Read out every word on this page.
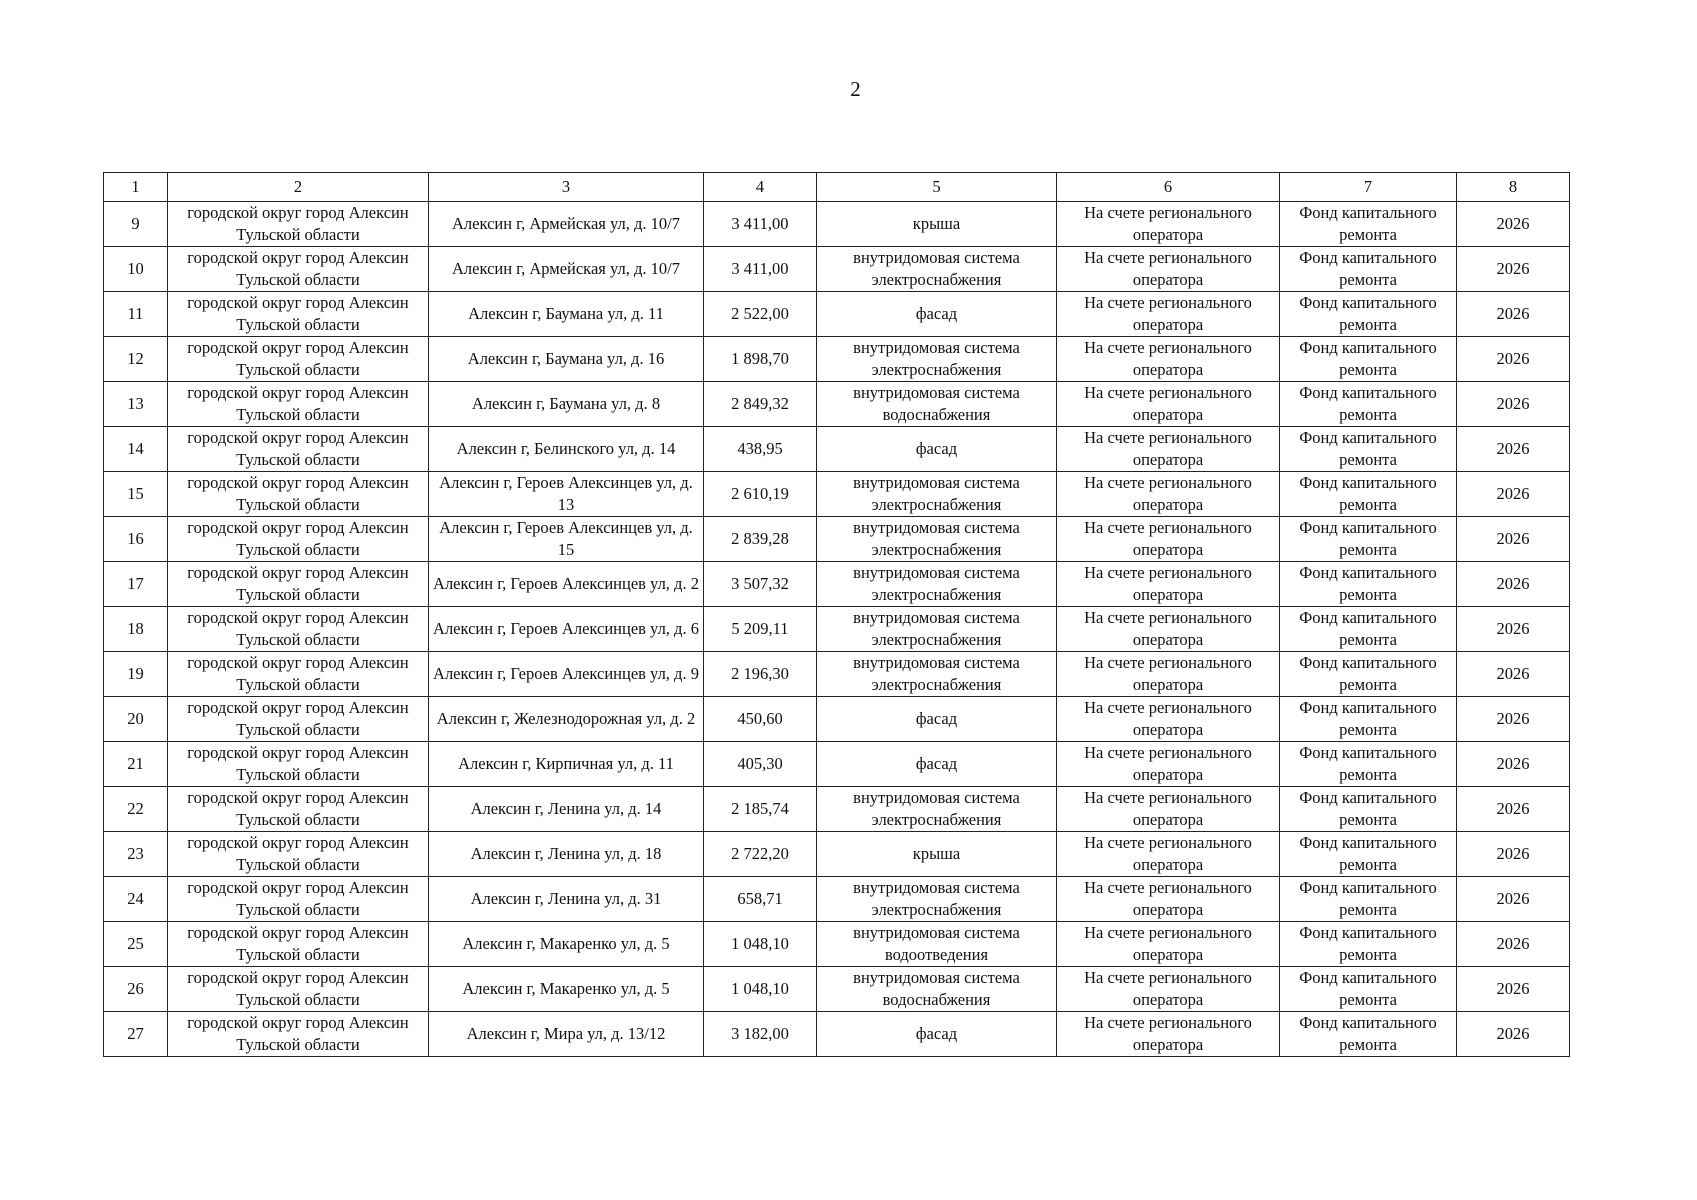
2
1	2	3	4	5	6	7	8
9	городской округ город Алексин Тульской области	Алексин г, Армейская ул, д. 10/7	3 411,00	крыша	На счете регионального оператора	Фонд капитального ремонта	2026
10	городской округ город Алексин Тульской области	Алексин г, Армейская ул, д. 10/7	3 411,00	внутридомовая система электроснабжения	На счете регионального оператора	Фонд капитального ремонта	2026
11	городской округ город Алексин Тульской области	Алексин г, Баумана ул, д. 11	2 522,00	фасад	На счете регионального оператора	Фонд капитального ремонта	2026
12	городской округ город Алексин Тульской области	Алексин г, Баумана ул, д. 16	1 898,70	внутридомовая система электроснабжения	На счете регионального оператора	Фонд капитального ремонта	2026
13	городской округ город Алексин Тульской области	Алексин г, Баумана ул, д. 8	2 849,32	внутридомовая система водоснабжения	На счете регионального оператора	Фонд капитального ремонта	2026
14	городской округ город Алексин Тульской области	Алексин г, Белинского ул, д. 14	438,95	фасад	На счете регионального оператора	Фонд капитального ремонта	2026
15	городской округ город Алексин Тульской области	Алексин г, Героев Алексинцев ул, д. 13	2 610,19	внутридомовая система электроснабжения	На счете регионального оператора	Фонд капитального ремонта	2026
16	городской округ город Алексин Тульской области	Алексин г, Героев Алексинцев ул, д. 15	2 839,28	внутридомовая система электроснабжения	На счете регионального оператора	Фонд капитального ремонта	2026
17	городской округ город Алексин Тульской области	Алексин г, Героев Алексинцев ул, д. 2	3 507,32	внутридомовая система электроснабжения	На счете регионального оператора	Фонд капитального ремонта	2026
18	городской округ город Алексин Тульской области	Алексин г, Героев Алексинцев ул, д. 6	5 209,11	внутридомовая система электроснабжения	На счете регионального оператора	Фонд капитального ремонта	2026
19	городской округ город Алексин Тульской области	Алексин г, Героев Алексинцев ул, д. 9	2 196,30	внутридомовая система электроснабжения	На счете регионального оператора	Фонд капитального ремонта	2026
20	городской округ город Алексин Тульской области	Алексин г, Железнодорожная ул, д. 2	450,60	фасад	На счете регионального оператора	Фонд капитального ремонта	2026
21	городской округ город Алексин Тульской области	Алексин г, Кирпичная ул, д. 11	405,30	фасад	На счете регионального оператора	Фонд капитального ремонта	2026
22	городской округ город Алексин Тульской области	Алексин г, Ленина ул, д. 14	2 185,74	внутридомовая система электроснабжения	На счете регионального оператора	Фонд капитального ремонта	2026
23	городской округ город Алексин Тульской области	Алексин г, Ленина ул, д. 18	2 722,20	крыша	На счете регионального оператора	Фонд капитального ремонта	2026
24	городской округ город Алексин Тульской области	Алексин г, Ленина ул, д. 31	658,71	внутридомовая система электроснабжения	На счете регионального оператора	Фонд капитального ремонта	2026
25	городской округ город Алексин Тульской области	Алексин г, Макаренко ул, д. 5	1 048,10	внутридомовая система водоотведения	На счете регионального оператора	Фонд капитального ремонта	2026
26	городской округ город Алексин Тульской области	Алексин г, Макаренко ул, д. 5	1 048,10	внутридомовая система водоснабжения	На счете регионального оператора	Фонд капитального ремонта	2026
27	городской округ город Алексин Тульской области	Алексин г, Мира ул, д. 13/12	3 182,00	фасад	На счете регионального оператора	Фонд капитального ремонта	2026
